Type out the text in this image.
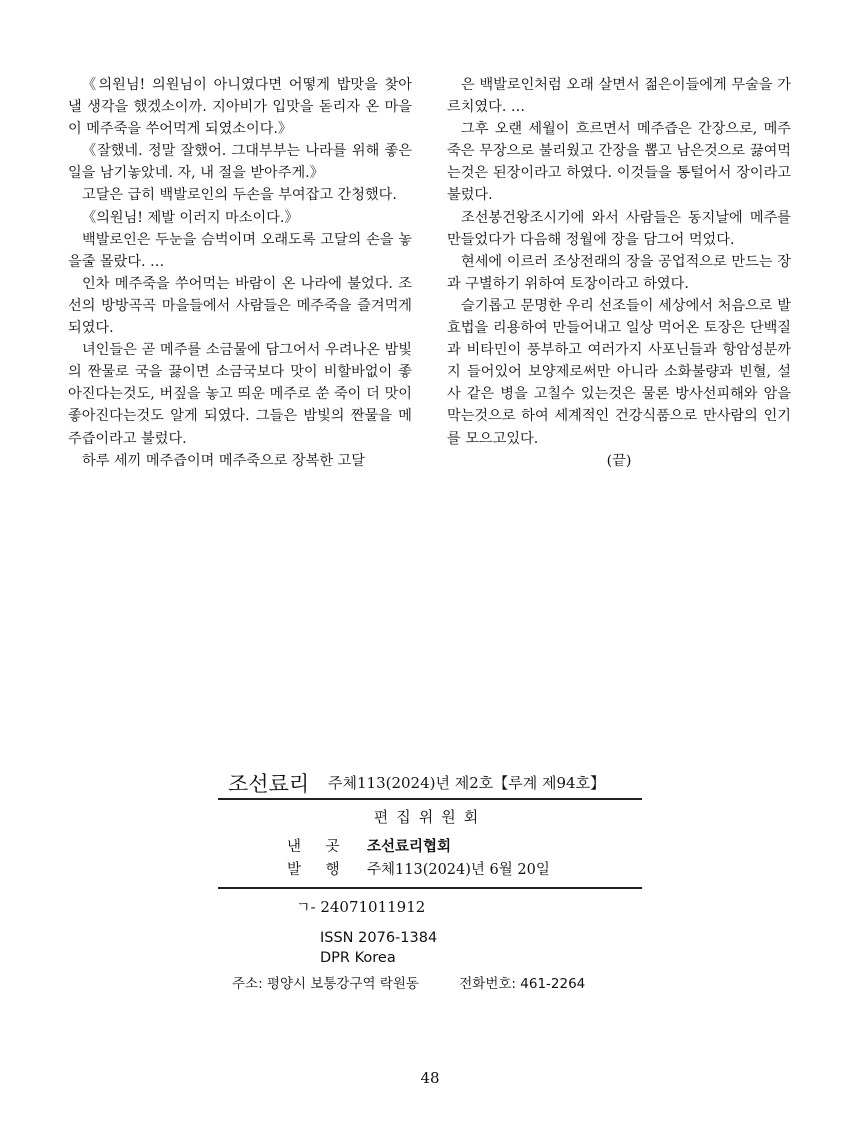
《의원님! 의원님이 아니였다면 어떻게 밥맛을 찾아낼 생각을 했겠소이까. 지아비가 입맛을 돋리자 온 마을이 메주죽을 쑤어먹게 되였소이다.》

《잘했네. 정말 잘했어. 그대부부는 나라를 위해 좋은 일을 남기놓았네. 자, 내 절을 받아주게.》

고달은 급히 백발로인의 두손을 부여잡고 간청했다.

《의원님! 제발 이러지 마소이다.》

백발로인은 두눈을 슴벅이며 오래도록 고달의 손을 놓을줄 몰랐다. …

인차 메주죽을 쑤어먹는 바람이 온 나라에 불었다. 조선의 방방곡곡 마을들에서 사람들은 메주죽을 즐겨먹게 되였다.

녀인들은 곧 메주를 소금물에 담그어서 우려나온 밤빛의 짠물로 국을 끓이면 소금국보다 맛이 비할바없이 좋아진다는것도, 버짚을 놓고 띄운 메주로 쑨 죽이 더 맛이 좋아진다는것도 알게 되였다. 그들은 밤빛의 짠물을 메주즙이라고 불렀다.

하루 세끼 메주즙이며 메주죽으로 장복한 고달

은 백발로인처럼 오래 살면서 젊은이들에게 무술을 가르치였다. …

그후 오랜 세월이 흐르면서 메주즙은 간장으로, 메주죽은 무장으로 불리웠고 간장을 뽑고 남은것으로 끓여먹는것은 된장이라고 하였다. 이것들을 통털어서 장이라고 불렀다.

조선봉건왕조시기에 와서 사람들은 동지날에 메주를 만들었다가 다음해 정월에 장을 담그어 먹었다.

현세에 이르러 조상전래의 장을 공업적으로 만드는 장과 구별하기 위하여 토장이라고 하였다.

슬기롭고 문명한 우리 선조들이 세상에서 처음으로 발효법을 리용하여 만들어내고 일상 먹어온 토장은 단백질과 비타민이 풍부하고 여러가지 사포닌들과 항암성분까지 들어있어 보양제로써만 아니라 소화불량과 빈혈, 설사 같은 병을 고칠수 있는것은 물론 방사선피해와 암을 막는것으로 하여 세계적인 건강식품으로 만사람의 인기를 모으고있다.

(끝)

조선료리 주체113(2024)년 제2호【루계 제94호】
편집위원회
낸 곳 조선료리협회
발 행 주체113(2024)년 6월 20일
ㄱ- 24071011912
ISSN 2076-1384
DPR Korea
주소: 평양시 보통강구역 락원동	전화번호: 461-2264
48
